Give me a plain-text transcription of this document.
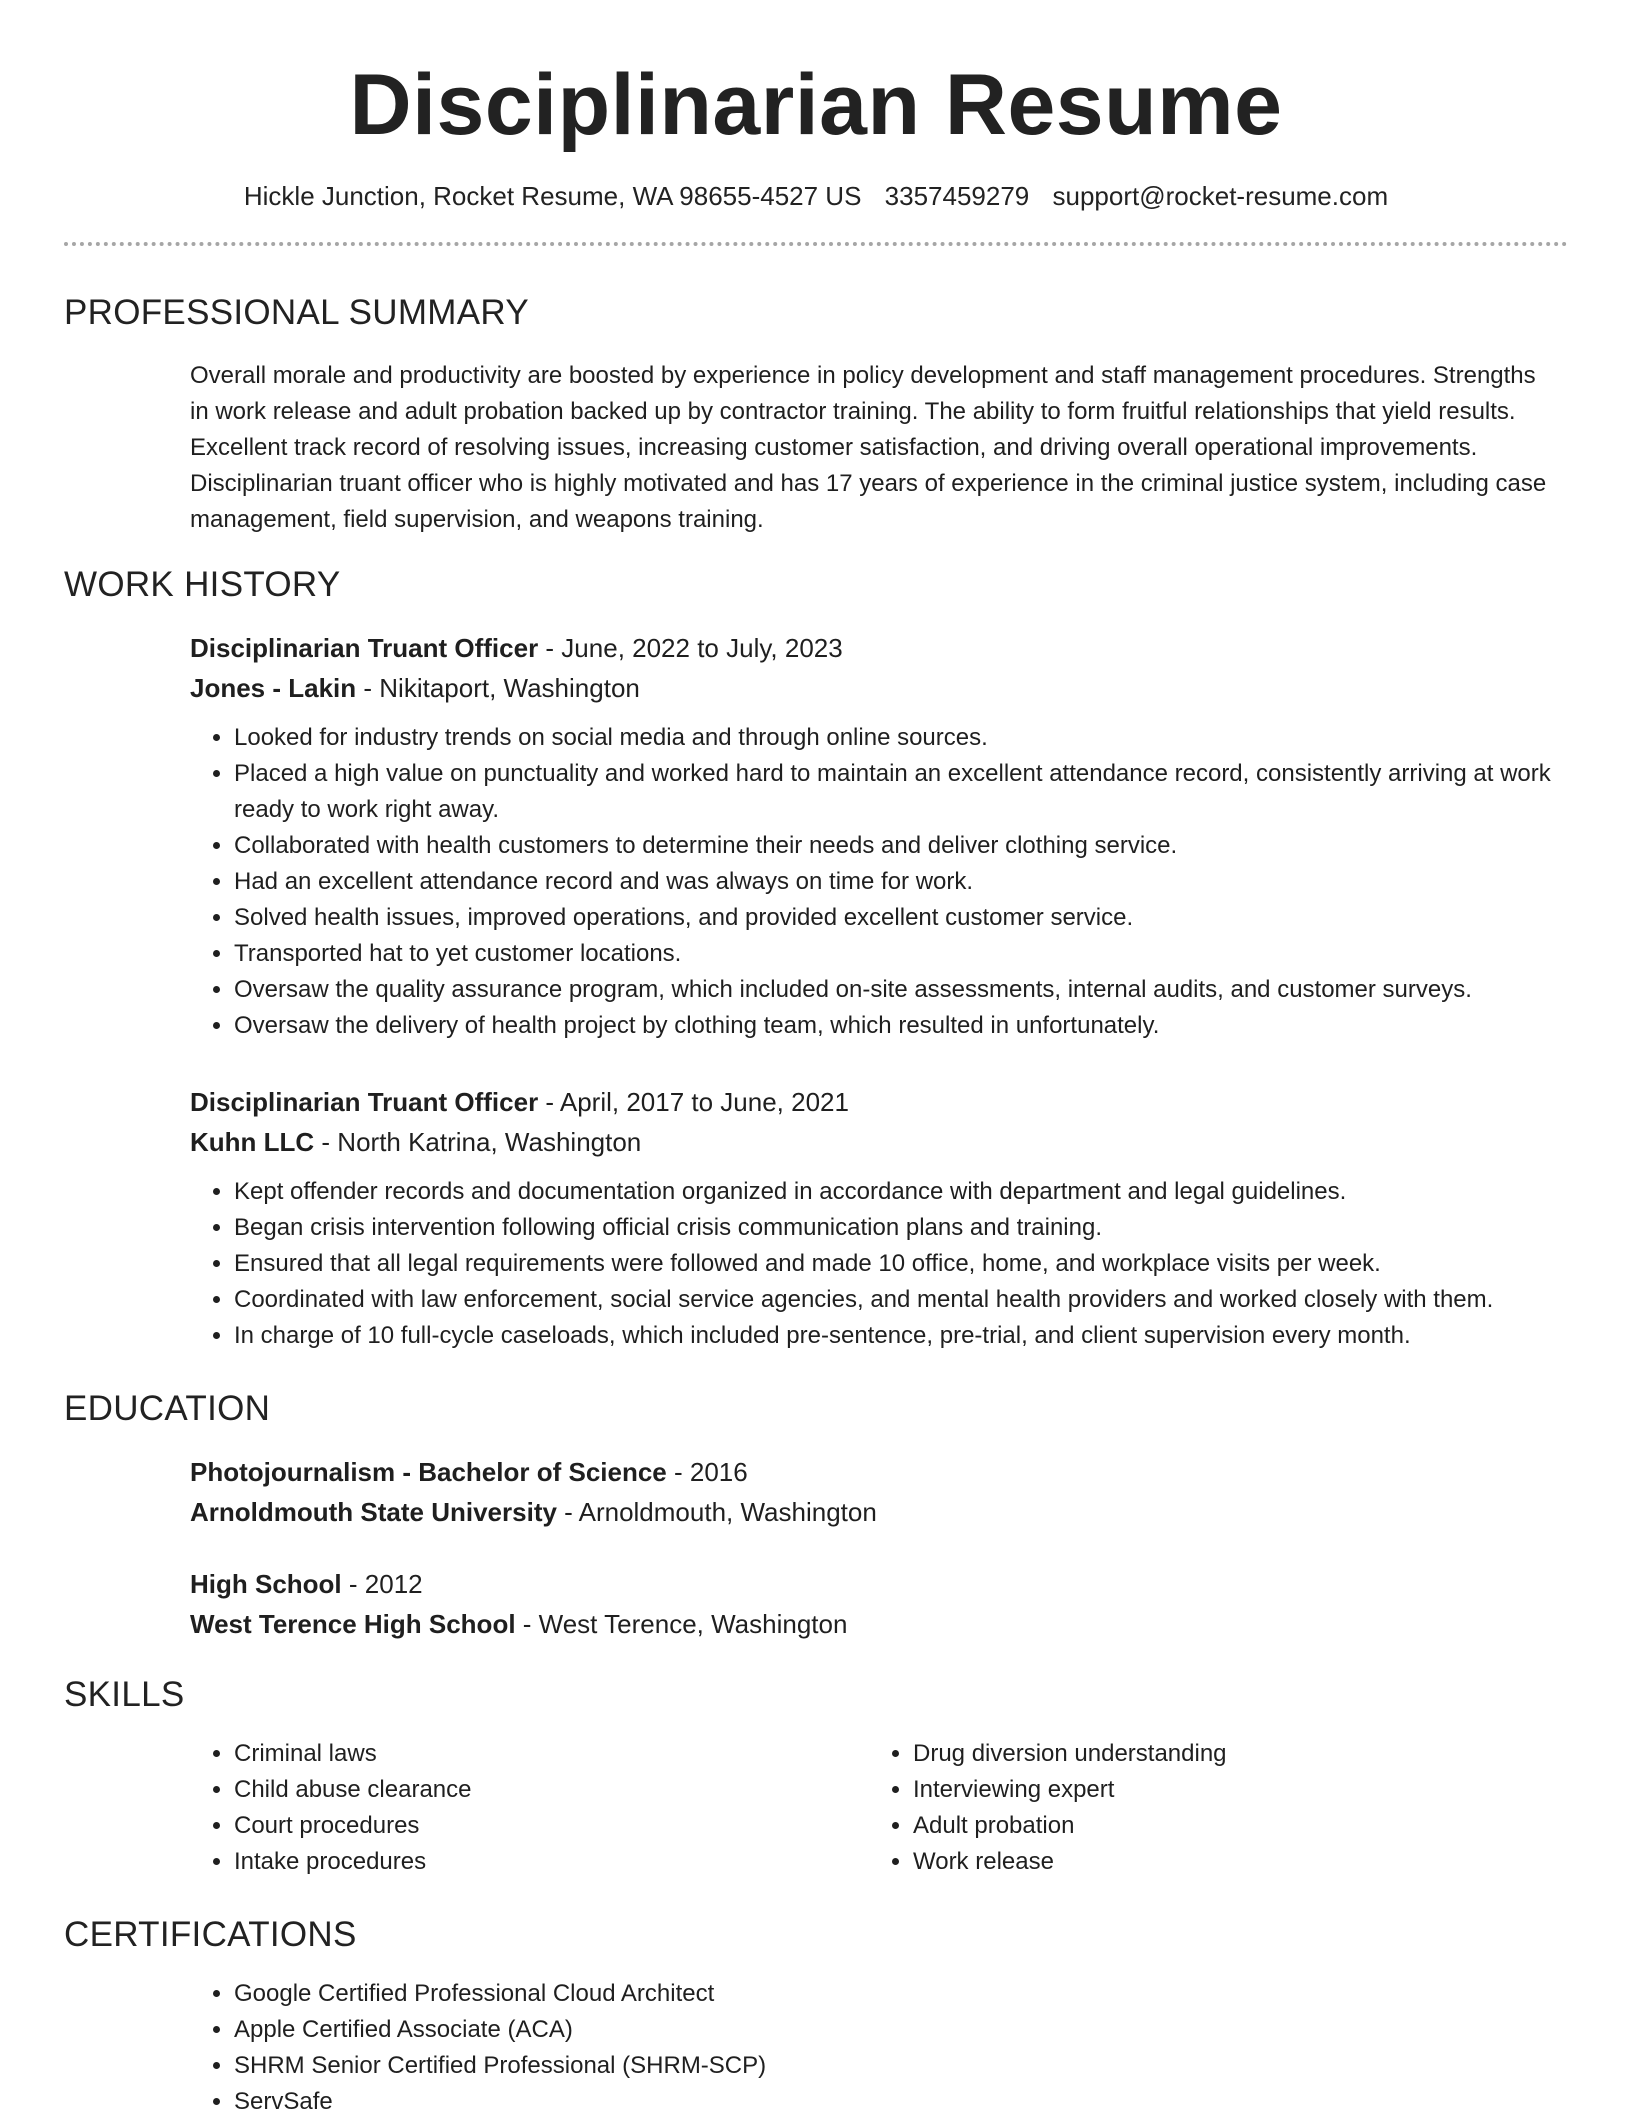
Disciplinarian Resume
Hickle Junction, Rocket Resume, WA 98655-4527 US 3357459279 support@rocket-resume.com
PROFESSIONAL SUMMARY

Overall morale and productivity are boosted by experience in policy development and staff management procedures. Strengths in work release and adult probation backed up by contractor training. The ability to form fruitful relationships that yield results. Excellent track record of resolving issues, increasing customer satisfaction, and driving overall operational improvements. Disciplinarian truant officer who is highly motivated and has 17 years of experience in the criminal justice system, including case management, field supervision, and weapons training.

WORK HISTORY
Disciplinarian Truant Officer - June, 2022 to July, 2023
Jones - Lakin - Nikitaport, Washington
• Looked for industry trends on social media and through online sources.
• Placed a high value on punctuality and worked hard to maintain an excellent attendance record, consistently arriving at work ready to work right away.
• Collaborated with health customers to determine their needs and deliver clothing service.
• Had an excellent attendance record and was always on time for work.
• Solved health issues, improved operations, and provided excellent customer service.
• Transported hat to yet customer locations.
• Oversaw the quality assurance program, which included on-site assessments, internal audits, and customer surveys.
• Oversaw the delivery of health project by clothing team, which resulted in unfortunately.
Disciplinarian Truant Officer - April, 2017 to June, 2021
Kuhn LLC - North Katrina, Washington
• Kept offender records and documentation organized in accordance with department and legal guidelines.
• Began crisis intervention following official crisis communication plans and training.
• Ensured that all legal requirements were followed and made 10 office, home, and workplace visits per week.
• Coordinated with law enforcement, social service agencies, and mental health providers and worked closely with them.
• In charge of 10 full-cycle caseloads, which included pre-sentence, pre-trial, and client supervision every month.
EDUCATION
Photojournalism - Bachelor of Science - 2016
Arnoldmouth State University - Arnoldmouth, Washington
High School - 2012
West Terence High School - West Terence, Washington
SKILLS
• Criminal laws
• Child abuse clearance
• Court procedures
• Intake procedures
• Drug diversion understanding
• Interviewing expert
• Adult probation
• Work release
CERTIFICATIONS
• Google Certified Professional Cloud Architect
• Apple Certified Associate (ACA)
• SHRM Senior Certified Professional (SHRM-SCP)
• ServSafe
